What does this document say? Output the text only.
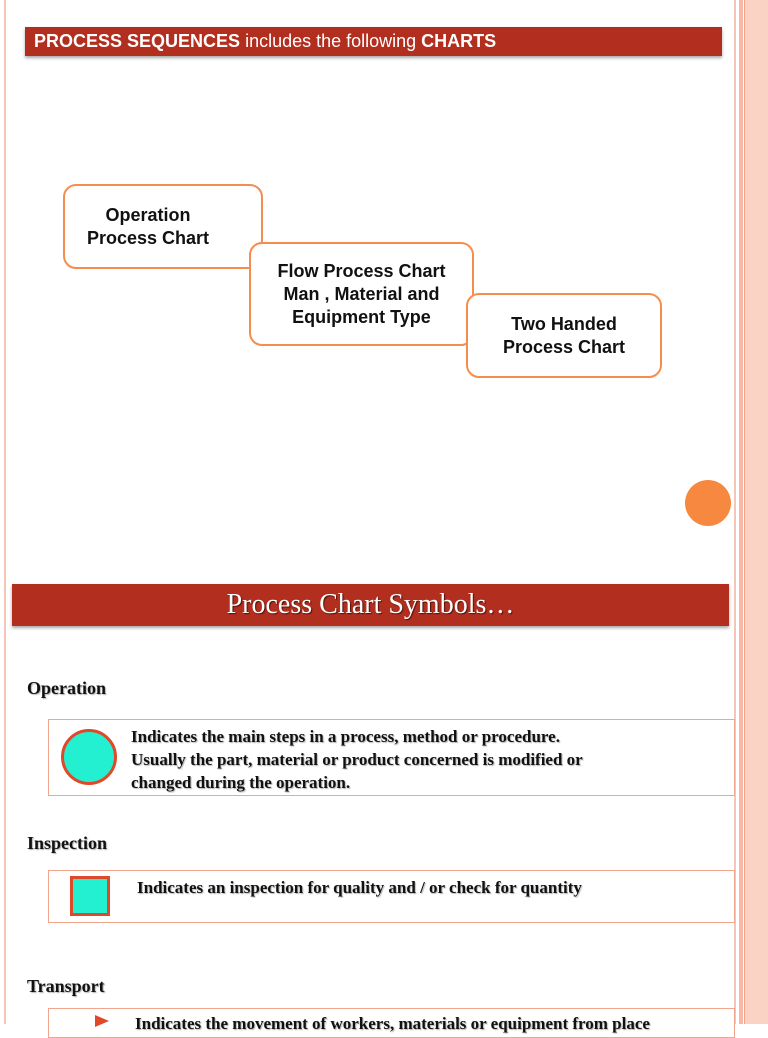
PROCESS SEQUENCES includes the following CHARTS
Operation
Process Chart
Flow Process Chart
Man , Material and
Equipment Type	Two Handed
Process Chart
Process Chart Symbols…
Operation
Indicates the main steps in a process, method or procedure.
Usually the part, material or product concerned is modified or
changed during the operation.
Inspection
Indicates an inspection for quality and / or check for quantity
Transport
Indicates the movement of workers, materials or equipment from place
